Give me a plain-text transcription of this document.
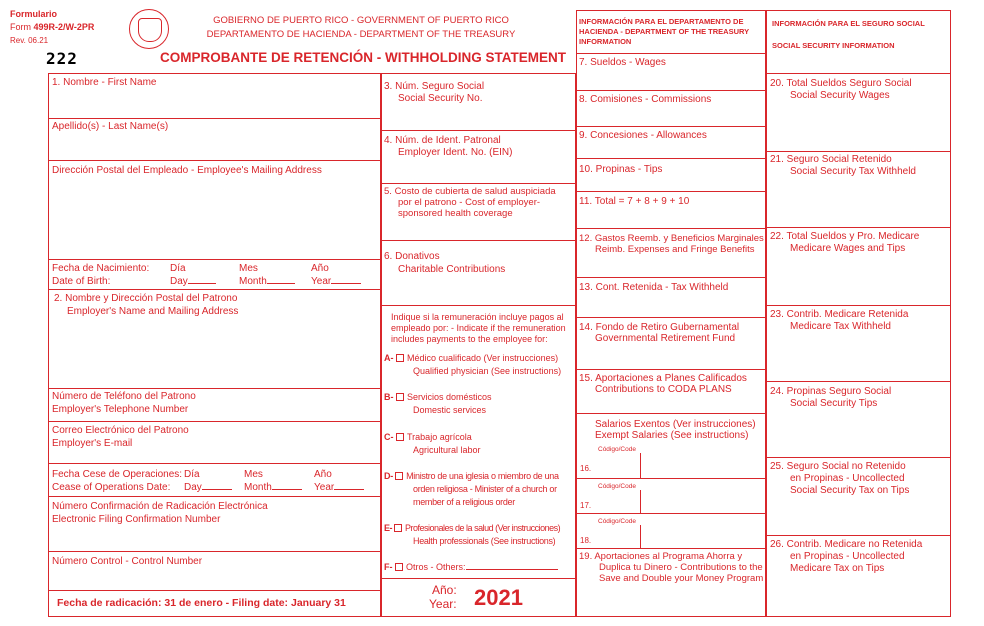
Formulario
Form 499R-2/W-2PR
Rev. 06.21
222
GOBIERNO DE PUERTO RICO - GOVERNMENT OF PUERTO RICO
DEPARTAMENTO DE HACIENDA - DEPARTMENT OF THE TREASURY
COMPROBANTE DE RETENCIÓN - WITHHOLDING STATEMENT
1. Nombre - First Name
Apellido(s) - Last Name(s)
Dirección Postal del Empleado - Employee's Mailing Address
Fecha de Nacimiento:
Date of Birth:
Día	Mes	Año
Day	Month	Year
2. Nombre y Dirección Postal del Patrono
Employer's Name and Mailing Address
Número de Teléfono del Patrono
Employer's Telephone Number
Correo Electrónico del Patrono
Employer's E-mail
Fecha Cese de Operaciones:
Cease of Operations Date:
Día	Mes	Año
Day	Month	Year
Número Confirmación de Radicación Electrónica
Electronic Filing Confirmation Number
Número Control - Control Number
Fecha de radicación: 31 de enero - Filing date: January 31
3. Núm. Seguro Social
Social Security No.
4. Núm. de Ident. Patronal
Employer Ident. No. (EIN)
5. Costo de cubierta de salud auspiciada
por el patrono - Cost of employer-
sponsored health coverage
6. Donativos
Charitable Contributions
Indique si la remuneración incluye pagos al
empleado por: - Indicate if the remuneration
includes payments to the employee for:
A- Médico cualificado (Ver instrucciones)
Qualified physician (See instructions)
B- Servicios domésticos
Domestic services
C- Trabajo agrícola
Agricultural labor
D- Ministro de una iglesia o miembro de una
orden religiosa - Minister of a church or
member of a religious order
E- Profesionales de la salud (Ver instrucciones)
Health professionals (See instructions)
F- Otros - Others:
Año:
Year: 2021
INFORMACIÓN PARA EL DEPARTAMENTO DE
HACIENDA - DEPARTMENT OF THE TREASURY
INFORMATION
7. Sueldos - Wages
8. Comisiones - Commissions
9. Concesiones - Allowances
10. Propinas - Tips
11. Total = 7 + 8 + 9 + 10
12. Gastos Reemb. y Beneficios Marginales
Reimb. Expenses and Fringe Benefits
13. Cont. Retenida - Tax Withheld
14. Fondo de Retiro Gubernamental
Governmental Retirement Fund
15. Aportaciones a Planes Calificados
Contributions to CODA PLANS
Salarios Exentos (Ver instrucciones)
Exempt Salaries (See instructions)
Código/Code
16.
Código/Code
17.
Código/Code
18.
19. Aportaciones al Programa Ahorra y
Duplica tu Dinero - Contributions to the
Save and Double your Money Program
INFORMACIÓN PARA EL SEGURO SOCIAL
SOCIAL SECURITY INFORMATION
20. Total Sueldos Seguro Social
Social Security Wages
21. Seguro Social Retenido
Social Security Tax Withheld
22. Total Sueldos y Pro. Medicare
Medicare Wages and Tips
23. Contrib. Medicare Retenida
Medicare Tax Withheld
24. Propinas Seguro Social
Social Security Tips
25. Seguro Social no Retenido
en Propinas - Uncollected
Social Security Tax on Tips
26. Contrib. Medicare no Retenida
en Propinas - Uncollected
Medicare Tax on Tips
